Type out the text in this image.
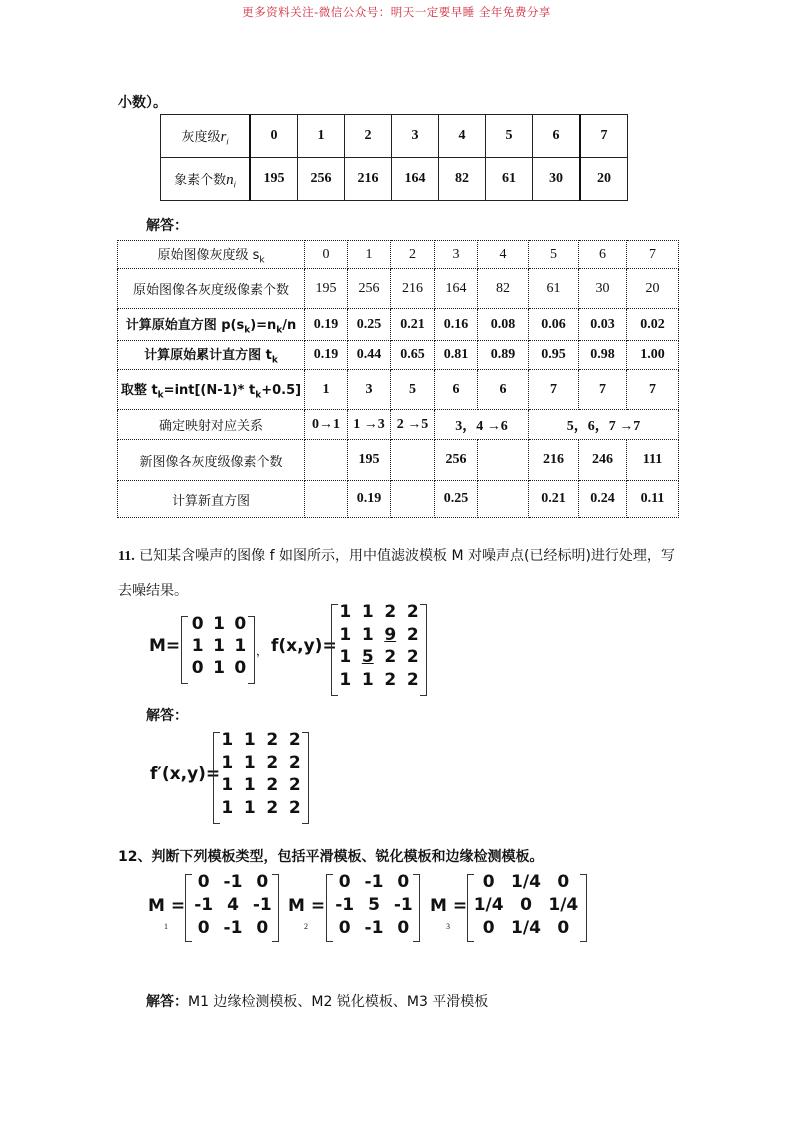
更多资料关注-微信公众号：明天一定要早睡 全年免费分享
小数）。
灰度级$r_i$	0	1	2	3	4	5	6	7
象素个数$n_i$	195	256	216	164	82	61	30	20
解答：
原始图像灰度级 $s_k$	0	1	2	3	4	5	6	7
原始图像各灰度级像素个数	195	256	216	164	82	61	30	20
计算原始直方图 $p(s_k)=n_k/n$	0.19	0.25	0.21	0.16	0.08	0.06	0.03	0.02
计算原始累计直方图 $t_k$	0.19	0.44	0.65	0.81	0.89	0.95	0.98	1.00
取整 $t_k=int[(N-1)*$ $t_k+0.5$]	1	3	5	6	6	7	7	7
确定映射对应关系	0→1	1 →3	2 →5	3，4 →6		5，6，7 →7		
新图像各灰度级像素个数		195		256		216	246	111
计算新直方图		0.19		0.25		0.21	0.24	0.11
11. 已知某含噪声的图像 f 如图所示，用中值滤波模板 M 对噪声点(已经标明)进行处理，写
去噪结果。
M=
0 1 0
1 1 1
0 1 0
， f(x,y)=
1 1 2 2
1 1 9 2
1 5 2 2
1 1 2 2
解答：
f′(x,y)=
1 1 2 2
1 1 2 2
1 1 2 2
1 1 2 2
12、判断下列模板类型，包括平滑模板、锐化模板和边缘检测模板。
M
1
=
0 -1 0
-1 4 -1
0 -1 0
M
2
=
0 -1 0
-1 5 -1
0 -1 0
M
3
=
0 1/4 0
1/4 0 1/4
0 1/4 0
解答：M1 边缘检测模板、M2 锐化模板、M3 平滑模板
